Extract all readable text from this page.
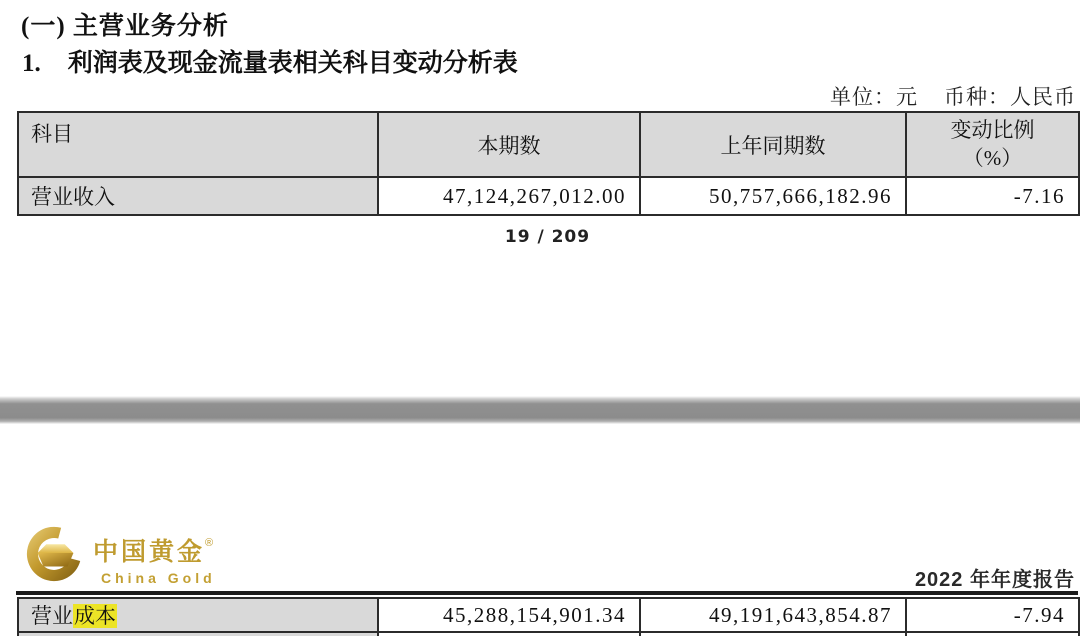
(一) 主营业务分析
1. 利润表及现金流量表相关科目变动分析表
单位：元 币种：人民币
科目	本期数	上年同期数	变动比例
（%）

营业收入	47,124,267,012.00	50,757,666,182.96	-7.16
19 / 209
中国黄金®
China Gold	2022 年年度报告
营业成本	45,288,154,901.34	49,191,643,854.87	-7.94
